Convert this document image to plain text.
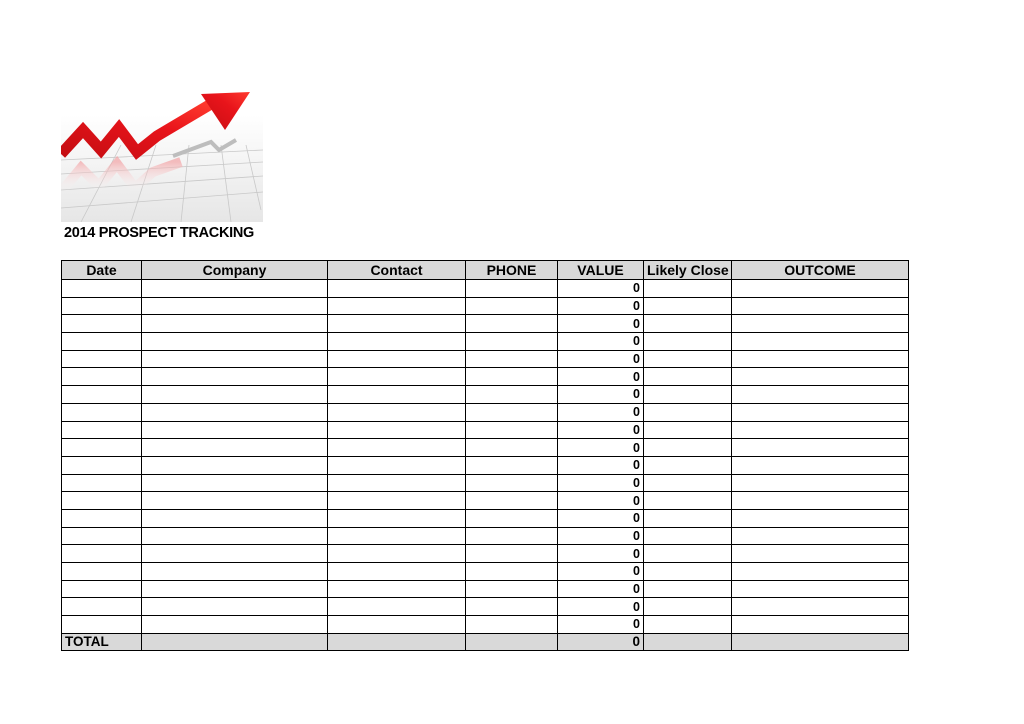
2014 PROSPECT TRACKING
Date	Company	Contact	PHONE	VALUE	Likely Close	OUTCOME
				0		
				0		
				0		
				0		
				0		
				0		
				0		
				0		
				0		
				0		
				0		
				0		
				0		
				0		
				0		
				0		
				0		
				0		
				0		
				0		
TOTAL				0		
